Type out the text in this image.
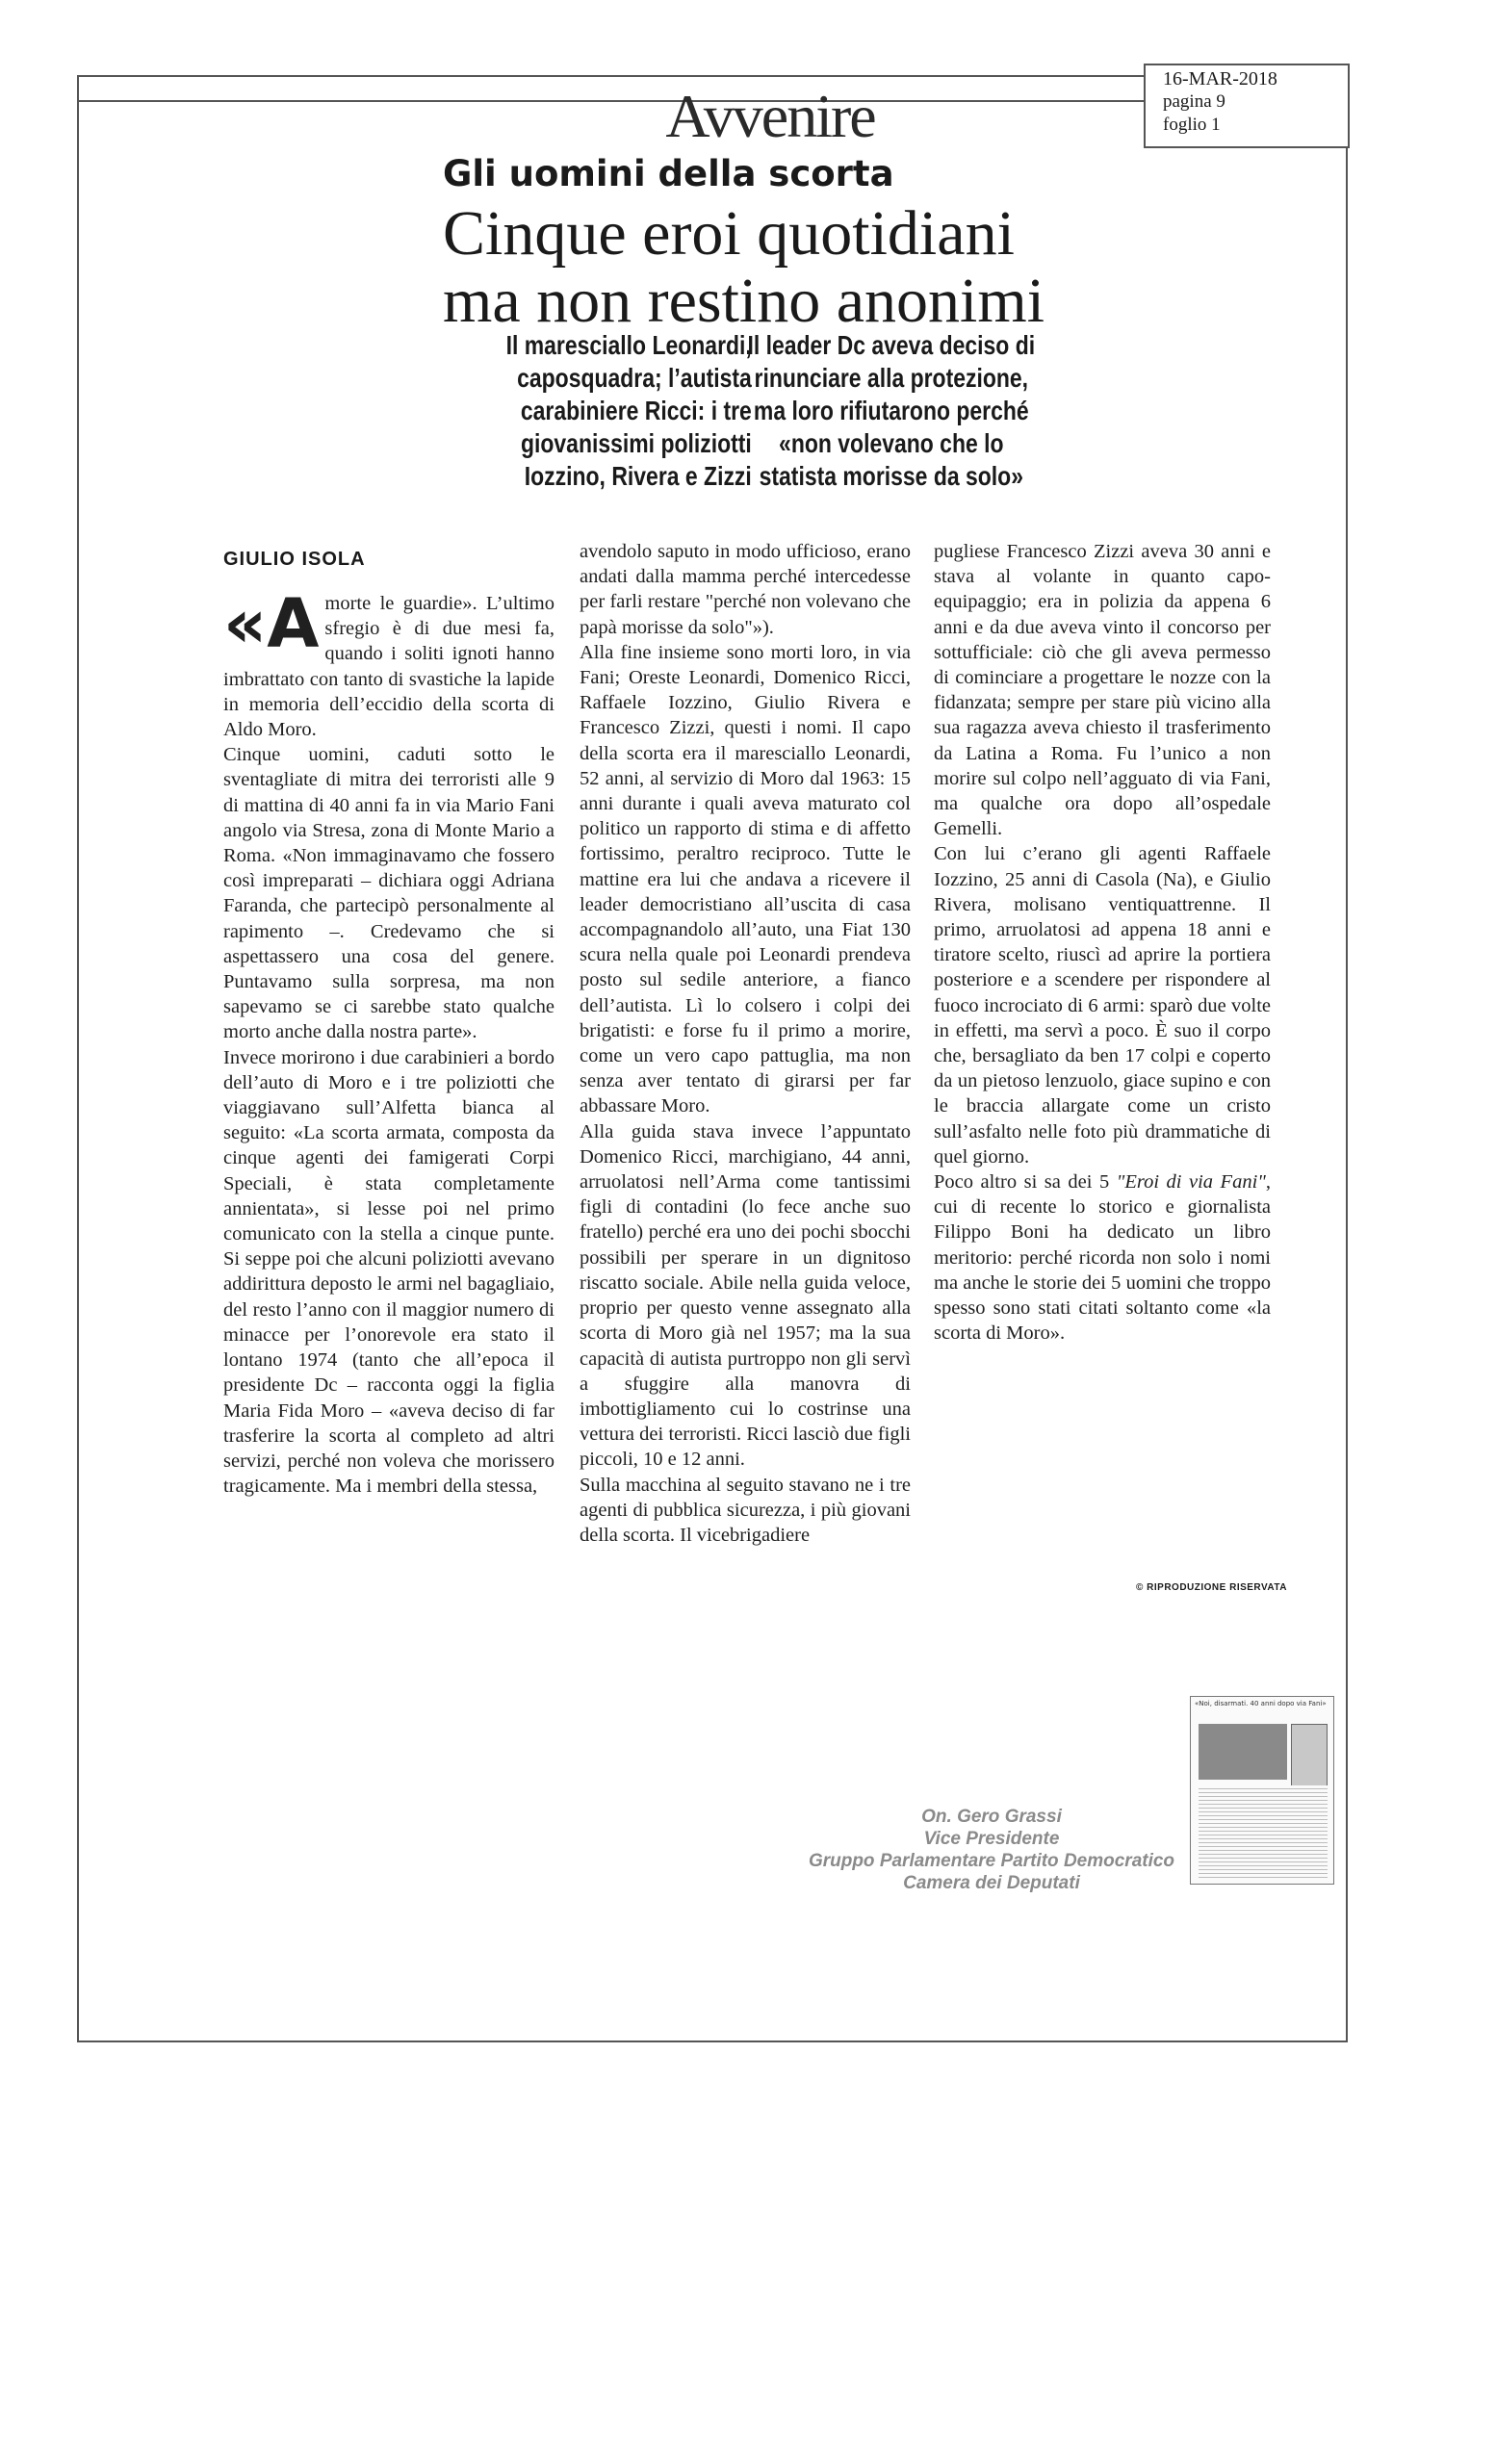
16-MAR-2018
pagina 9
foglio 1
Avvenire
Gli uomini della scorta
Cinque eroi quotidiani
ma non restino anonimi
Il maresciallo Leonardi, caposquadra; l’autista carabiniere Ricci: i tre giovanissimi poliziotti Iozzino, Rivera e Zizzi
Il leader Dc aveva deciso di rinunciare alla protezione, ma loro rifiutarono perché «non volevano che lo statista morisse da solo»
GIULIO ISOLA

«Amorte le guardie». L’ultimo sfregio è di due mesi fa, quando i soliti ignoti hanno imbrattato con tanto di svastiche la lapide in memoria dell’eccidio della scorta di Aldo Moro.

Cinque uomini, caduti sotto le sventagliate di mitra dei terroristi alle 9 di mattina di 40 anni fa in via Mario Fani angolo via Stresa, zona di Monte Mario a Roma. «Non immaginavamo che fossero così impreparati – dichiara oggi Adriana Faranda, che partecipò personalmente al rapimento –. Credevamo che si aspettassero una cosa del genere. Puntavamo sulla sorpresa, ma non sapevamo se ci sarebbe stato qualche morto anche dalla nostra parte».

Invece morirono i due carabinieri a bordo dell’auto di Moro e i tre poliziotti che viaggiavano sull’Alfetta bianca al seguito: «La scorta armata, composta da cinque agenti dei famigerati Corpi Speciali, è stata completamente annientata», si lesse poi nel primo comunicato con la stella a cinque punte. Si seppe poi che alcuni poliziotti avevano addirittura deposto le armi nel bagagliaio, del resto l’anno con il maggior numero di minacce per l’onorevole era stato il lontano 1974 (tanto che all’epoca il presidente Dc – racconta oggi la figlia Maria Fida Moro – «aveva deciso di far trasferire la scorta al completo ad altri servizi, perché non voleva che morissero tragicamente. Ma i membri della stessa,

avendolo saputo in modo ufficioso, erano andati dalla mamma perché intercedesse per farli restare "perché non volevano che papà morisse da solo"»).

Alla fine insieme sono morti loro, in via Fani; Oreste Leonardi, Domenico Ricci, Raffaele Iozzino, Giulio Rivera e Francesco Zizzi, questi i nomi. Il capo della scorta era il maresciallo Leonardi, 52 anni, al servizio di Moro dal 1963: 15 anni durante i quali aveva maturato col politico un rapporto di stima e di affetto fortissimo, peraltro reciproco. Tutte le mattine era lui che andava a ricevere il leader democristiano all’uscita di casa accompagnandolo all’auto, una Fiat 130 scura nella quale poi Leonardi prendeva posto sul sedile anteriore, a fianco dell’autista. Lì lo colsero i colpi dei brigatisti: e forse fu il primo a morire, come un vero capo pattuglia, ma non senza aver tentato di girarsi per far abbassare Moro.

Alla guida stava invece l’appuntato Domenico Ricci, marchigiano, 44 anni, arruolatosi nell’Arma come tantissimi figli di contadini (lo fece anche suo fratello) perché era uno dei pochi sbocchi possibili per sperare in un dignitoso riscatto sociale. Abile nella guida veloce, proprio per questo venne assegnato alla scorta di Moro già nel 1957; ma la sua capacità di autista purtroppo non gli servì a sfuggire alla manovra di imbottigliamento cui lo costrinse una vettura dei terroristi. Ricci lasciò due figli piccoli, 10 e 12 anni.

Sulla macchina al seguito stavano ne i tre agenti di pubblica sicurezza, i più giovani della scorta. Il vicebrigadiere

pugliese Francesco Zizzi aveva 30 anni e stava al volante in quanto capo-equipaggio; era in polizia da appena 6 anni e da due aveva vinto il concorso per sottufficiale: ciò che gli aveva permesso di cominciare a progettare le nozze con la fidanzata; sempre per stare più vicino alla sua ragazza aveva chiesto il trasferimento da Latina a Roma. Fu l’unico a non morire sul colpo nell’agguato di via Fani, ma qualche ora dopo all’ospedale Gemelli.

Con lui c’erano gli agenti Raffaele Iozzino, 25 anni di Casola (Na), e Giulio Rivera, molisano ventiquattrenne. Il primo, arruolatosi ad appena 18 anni e tiratore scelto, riuscì ad aprire la portiera posteriore e a scendere per rispondere al fuoco incrociato di 6 armi: sparò due volte in effetti, ma servì a poco. È suo il corpo che, bersagliato da ben 17 colpi e coperto da un pietoso lenzuolo, giace supino e con le braccia allargate come un cristo sull’asfalto nelle foto più drammatiche di quel giorno.

Poco altro si sa dei 5 "Eroi di via Fani", cui di recente lo storico e giornalista Filippo Boni ha dedicato un libro meritorio: perché ricorda non solo i nomi ma anche le storie dei 5 uomini che troppo spesso sono stati citati soltanto come «la scorta di Moro».

© RIPRODUZIONE RISERVATA
«Noi, disarmati. 40 anni dopo via Fani»
On. Gero Grassi
Vice Presidente
Gruppo Parlamentare Partito Democratico
Camera dei Deputati
